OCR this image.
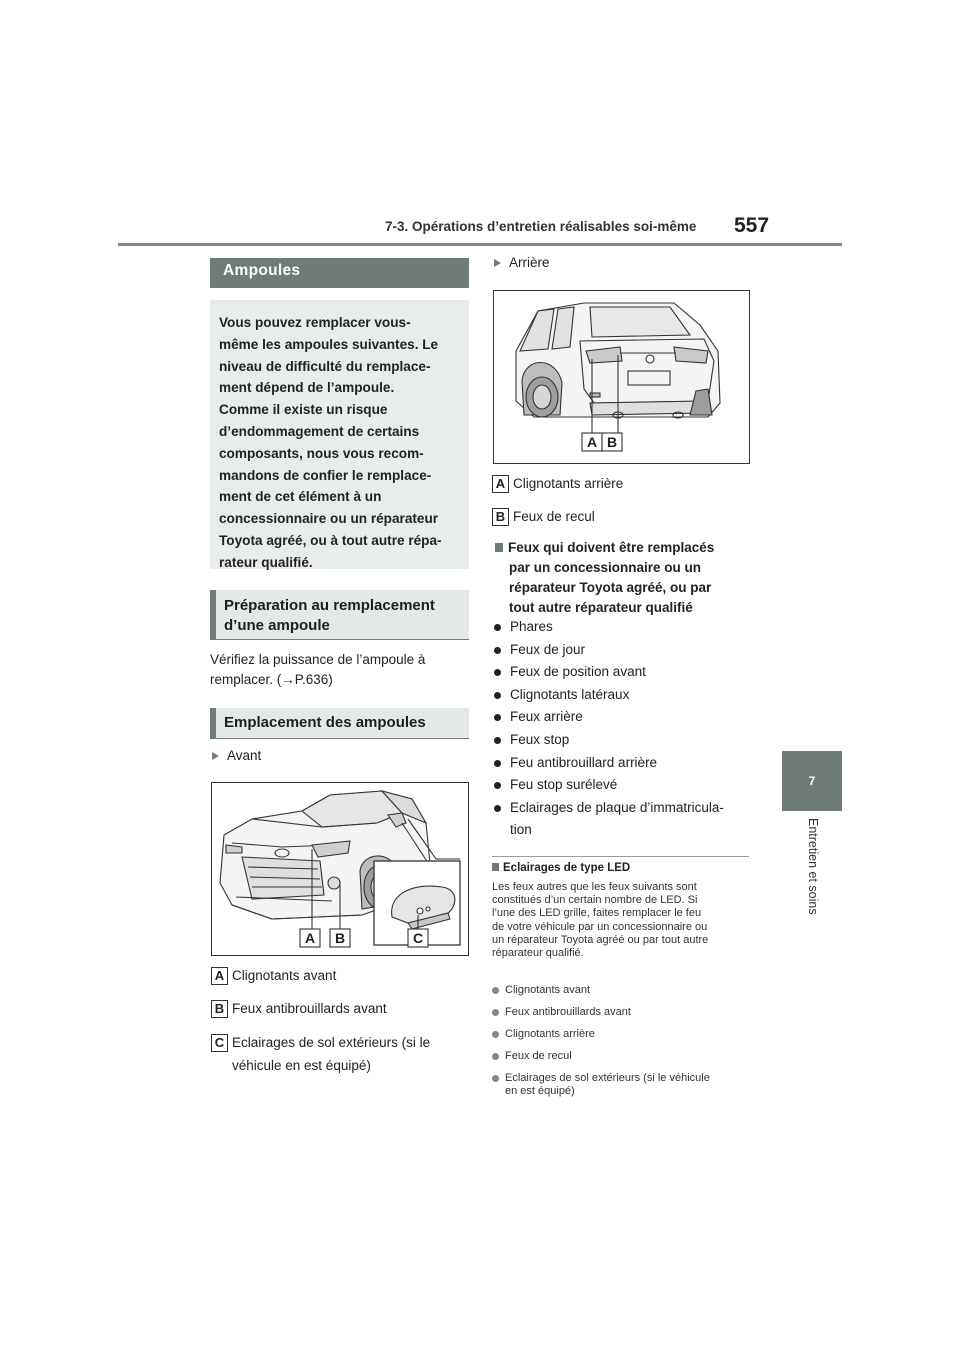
7-3. Opérations d’entretien réalisables soi-même 557
7
Entretien et soins
Ampoules
Vous pouvez remplacer vous-
même les ampoules suivantes. Le
niveau de difficulté du remplace-
ment dépend de l’ampoule.
Comme il existe un risque
d’endommagement de certains
composants, nous vous recom-
mandons de confier le remplace-
ment de cet élément à un
concessionnaire ou un réparateur
Toyota agréé, ou à tout autre répa-
rateur qualifié.
Préparation au remplacement
d’une ampoule
Vérifiez la puissance de l’ampoule à
remplacer. (→P.636)
Emplacement des ampoules
Avant
A B	C
A Clignotants avant
B Feux antibrouillards avant
C Eclairages de sol extérieurs (si le
véhicule en est équipé)
Arrière
A B
A Clignotants arrière
B Feux de recul
Feux qui doivent être remplacés
par un concessionnaire ou un
réparateur Toyota agréé, ou par
tout autre réparateur qualifié
Phares
Feux de jour
Feux de position avant
Clignotants latéraux
Feux arrière
Feux stop
Feu antibrouillard arrière
Feu stop surélevé
Eclairages de plaque d’immatricula-
tion
Eclairages de type LED
Les feux autres que les feux suivants sont
constitués d’un certain nombre de LED. Si
l’une des LED grille, faites remplacer le feu
de votre véhicule par un concessionnaire ou
un réparateur Toyota agréé ou par tout autre
réparateur qualifié.
Clignotants avant
Feux antibrouillards avant
Clignotants arrière
Feux de recul
Eclairages de sol extérieurs (si le véhicule
en est équipé)
